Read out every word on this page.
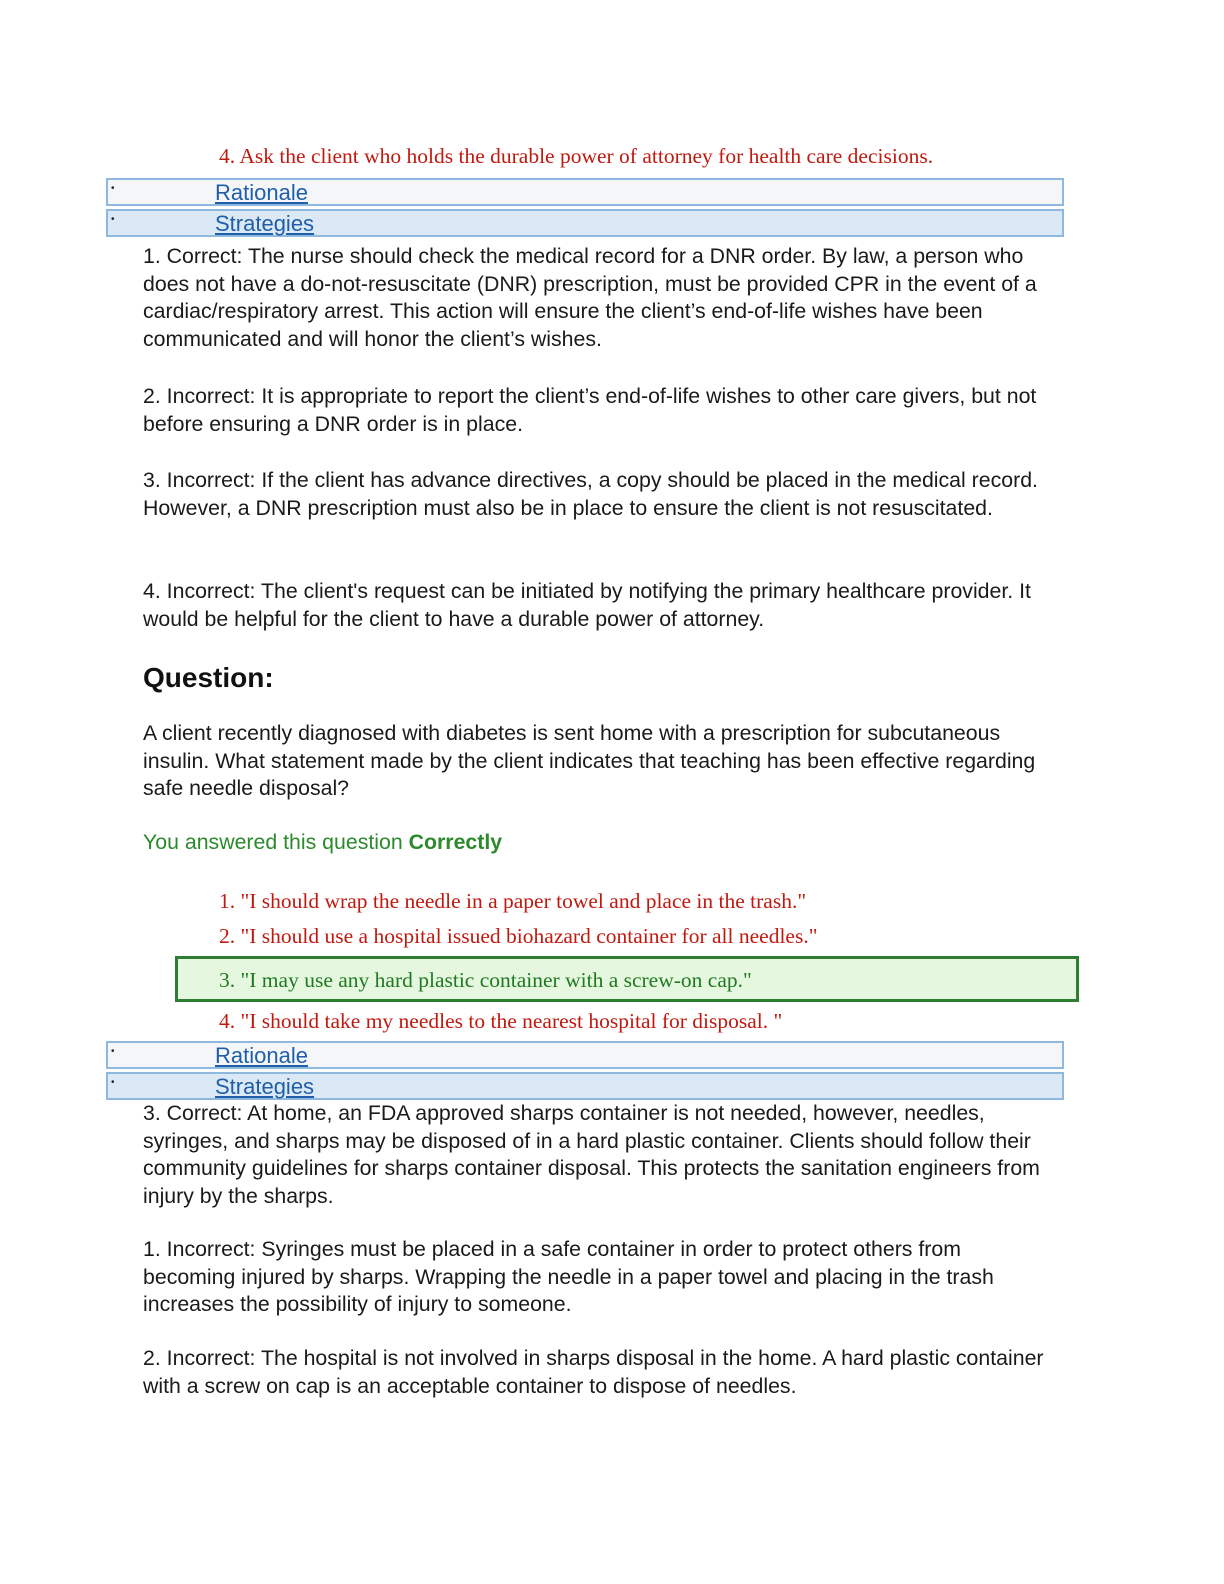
4. Ask the client who holds the durable power of attorney for health care decisions.
•	Rationale
•	Strategies
1. Correct: The nurse should check the medical record for a DNR order. By law, a person who does not have a do-not-resuscitate (DNR) prescription, must be provided CPR in the event of a cardiac/respiratory arrest. This action will ensure the client’s end-of-life wishes have been communicated and will honor the client’s wishes.
2. Incorrect: It is appropriate to report the client’s end-of-life wishes to other care givers, but not before ensuring a DNR order is in place.
3. Incorrect: If the client has advance directives, a copy should be placed in the medical record. However, a DNR prescription must also be in place to ensure the client is not resuscitated.
4. Incorrect: The client's request can be initiated by notifying the primary healthcare provider. It would be helpful for the client to have a durable power of attorney.
Question:
A client recently diagnosed with diabetes is sent home with a prescription for subcutaneous insulin. What statement made by the client indicates that teaching has been effective regarding safe needle disposal?
You answered this question Correctly
1. "I should wrap the needle in a paper towel and place in the trash."
2. "I should use a hospital issued biohazard container for all needles."
3. "I may use any hard plastic container with a screw-on cap."
4. "I should take my needles to the nearest hospital for disposal. "
•	Rationale
•	Strategies
3. Correct: At home, an FDA approved sharps container is not needed, however, needles, syringes, and sharps may be disposed of in a hard plastic container. Clients should follow their community guidelines for sharps container disposal. This protects the sanitation engineers from injury by the sharps.
1. Incorrect: Syringes must be placed in a safe container in order to protect others from becoming injured by sharps. Wrapping the needle in a paper towel and placing in the trash increases the possibility of injury to someone.
2. Incorrect: The hospital is not involved in sharps disposal in the home. A hard plastic container with a screw on cap is an acceptable container to dispose of needles.
